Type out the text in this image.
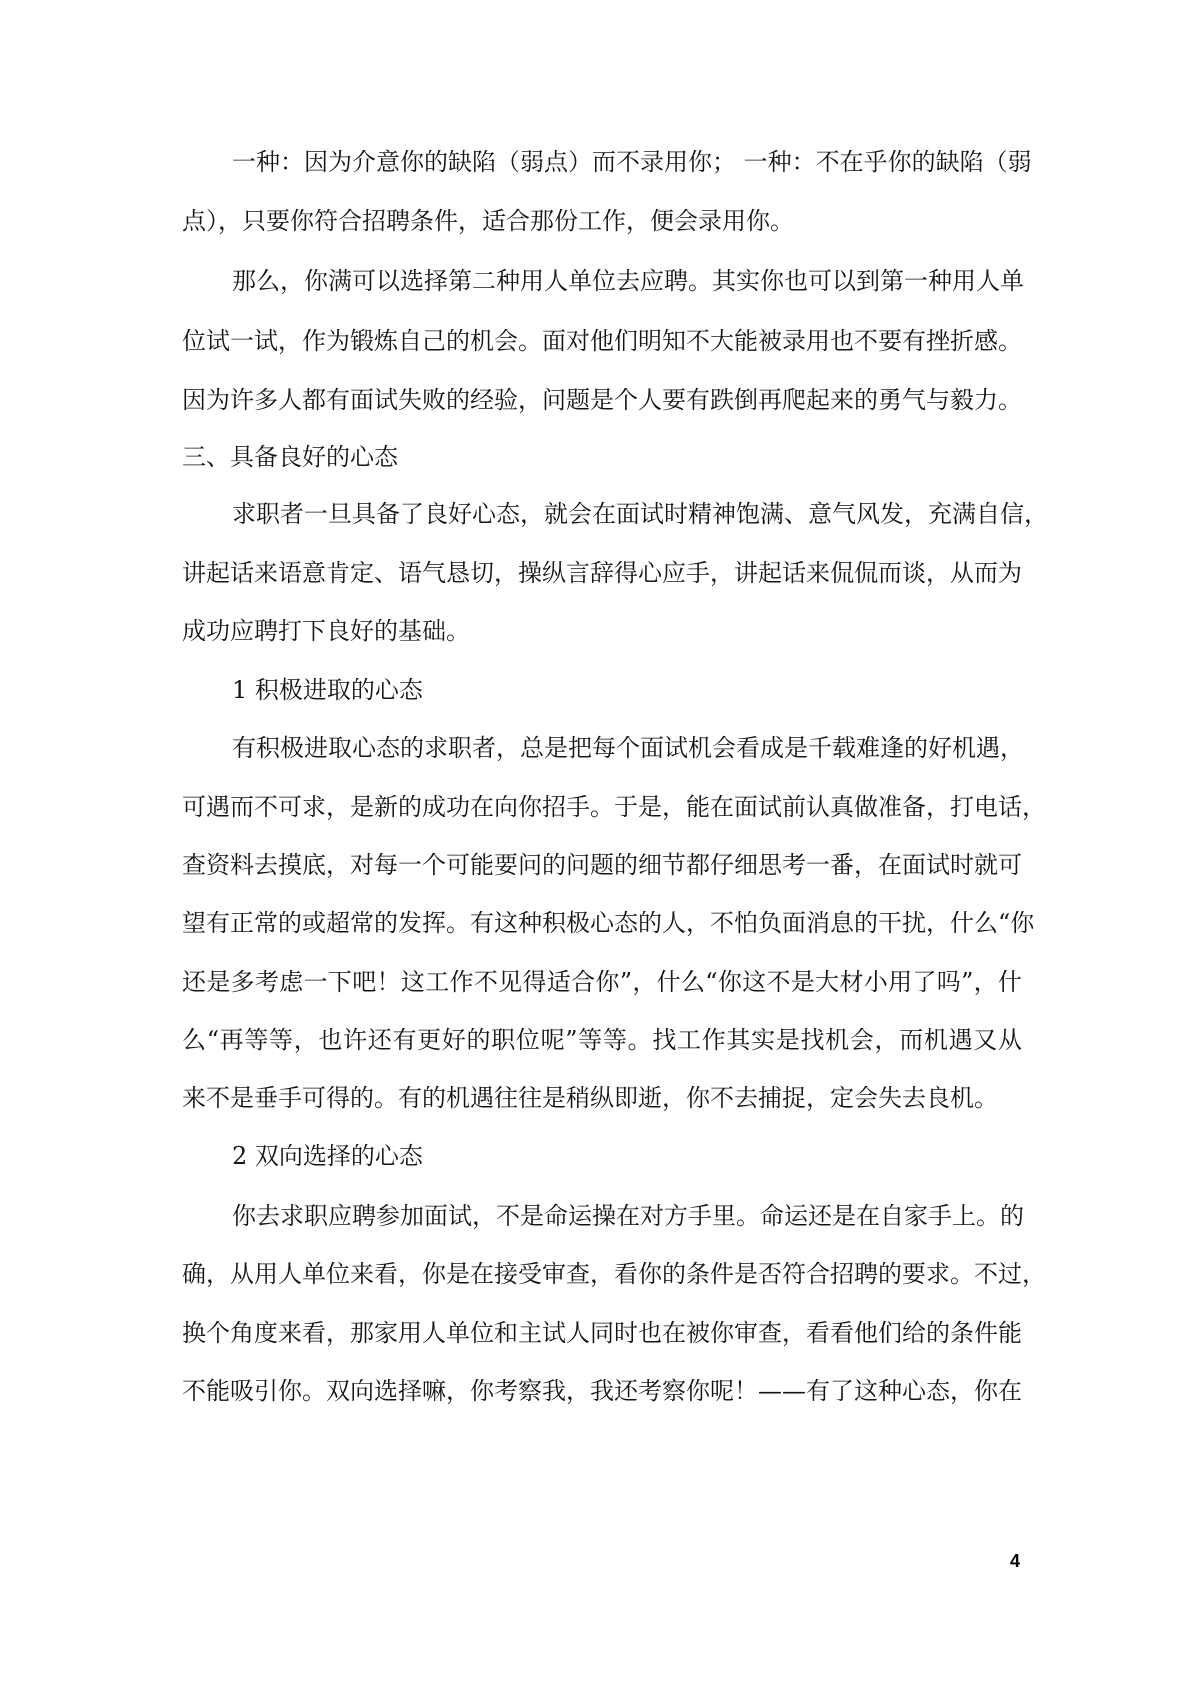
一种：因为介意你的缺陷（弱点）而不录用你； 一种：不在乎你的缺陷（弱
点），只要你符合招聘条件，适合那份工作，便会录用你。
那么，你满可以选择第二种用人单位去应聘。其实你也可以到第一种用人单
位试一试，作为锻炼自己的机会。面对他们明知不大能被录用也不要有挫折感。
因为许多人都有面试失败的经验，问题是个人要有跌倒再爬起来的勇气与毅力。
三、具备良好的心态
求职者一旦具备了良好心态，就会在面试时精神饱满、意气风发，充满自信，
讲起话来语意肯定、语气恳切，操纵言辞得心应手，讲起话来侃侃而谈，从而为
成功应聘打下良好的基础。
1 积极进取的心态
有积极进取心态的求职者，总是把每个面试机会看成是千载难逢的好机遇，
可遇而不可求，是新的成功在向你招手。于是，能在面试前认真做准备，打电话，
查资料去摸底，对每一个可能要问的问题的细节都仔细思考一番，在面试时就可
望有正常的或超常的发挥。有这种积极心态的人，不怕负面消息的干扰，什么“你
还是多考虑一下吧！这工作不见得适合你”，什么“你这不是大材小用了吗”，什
么“再等等，也许还有更好的职位呢”等等。找工作其实是找机会，而机遇又从
来不是垂手可得的。有的机遇往往是稍纵即逝，你不去捕捉，定会失去良机。
2 双向选择的心态
你去求职应聘参加面试，不是命运操在对方手里。命运还是在自家手上。的
确，从用人单位来看，你是在接受审查，看你的条件是否符合招聘的要求。不过，
换个角度来看，那家用人单位和主试人同时也在被你审查，看看他们给的条件能
不能吸引你。双向选择嘛，你考察我，我还考察你呢！——有了这种心态，你在
4
